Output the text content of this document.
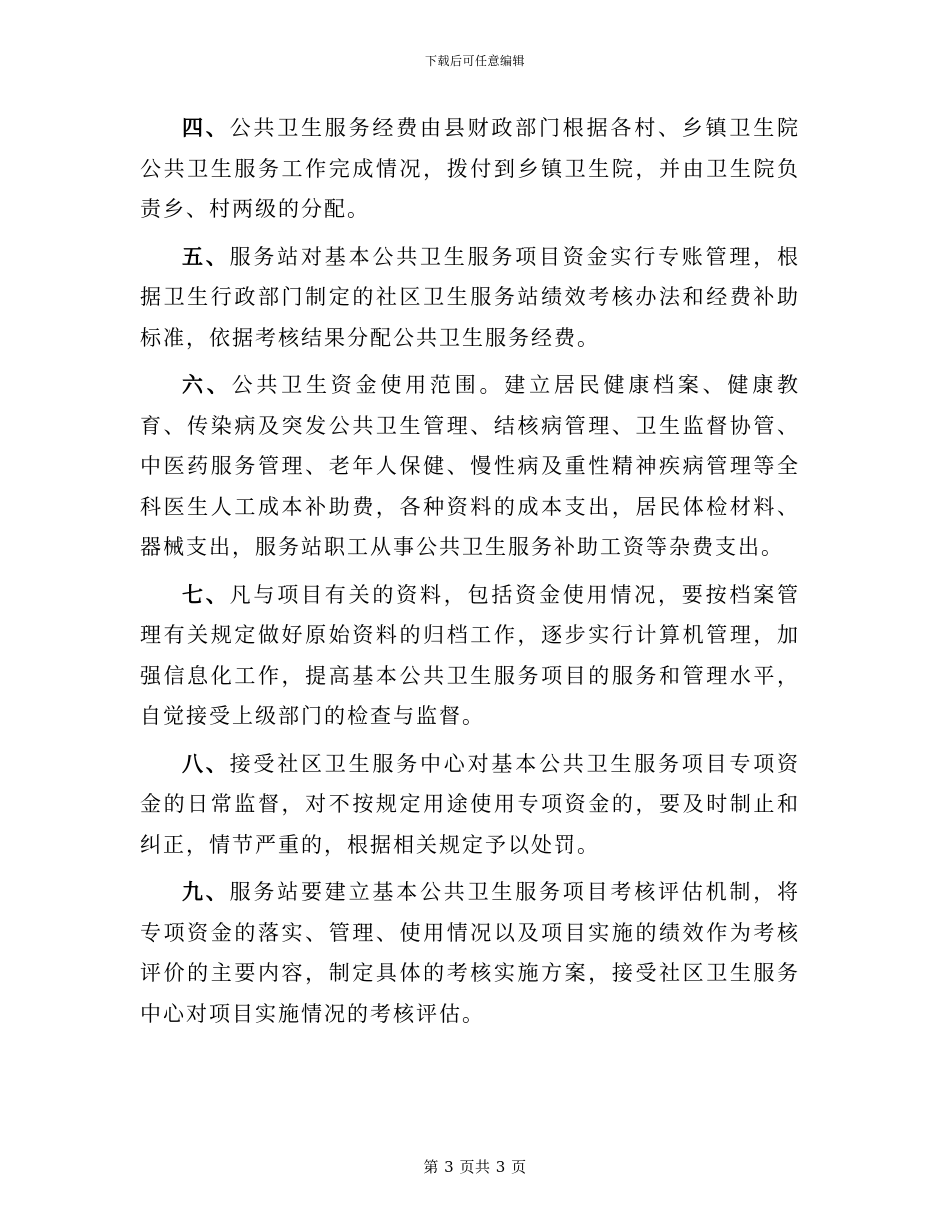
下载后可任意编辑

四、公共卫生服务经费由县财政部门根据各村、乡镇卫生院公共卫生服务工作完成情况，拨付到乡镇卫生院，并由卫生院负责乡、村两级的分配。

五、服务站对基本公共卫生服务项目资金实行专账管理，根据卫生行政部门制定的社区卫生服务站绩效考核办法和经费补助标准，依据考核结果分配公共卫生服务经费。

六、公共卫生资金使用范围。建立居民健康档案、健康教育、传染病及突发公共卫生管理、结核病管理、卫生监督协管、中医药服务管理、老年人保健、慢性病及重性精神疾病管理等全科医生人工成本补助费，各种资料的成本支出，居民体检材料、器械支出，服务站职工从事公共卫生服务补助工资等杂费支出。

七、凡与项目有关的资料，包括资金使用情况，要按档案管理有关规定做好原始资料的归档工作，逐步实行计算机管理，加强信息化工作，提高基本公共卫生服务项目的服务和管理水平，自觉接受上级部门的检查与监督。

八、接受社区卫生服务中心对基本公共卫生服务项目专项资金的日常监督，对不按规定用途使用专项资金的，要及时制止和纠正，情节严重的，根据相关规定予以处罚。

九、服务站要建立基本公共卫生服务项目考核评估机制，将专项资金的落实、管理、使用情况以及项目实施的绩效作为考核评价的主要内容，制定具体的考核实施方案，接受社区卫生服务中心对项目实施情况的考核评估。

第 3 页共 3 页
